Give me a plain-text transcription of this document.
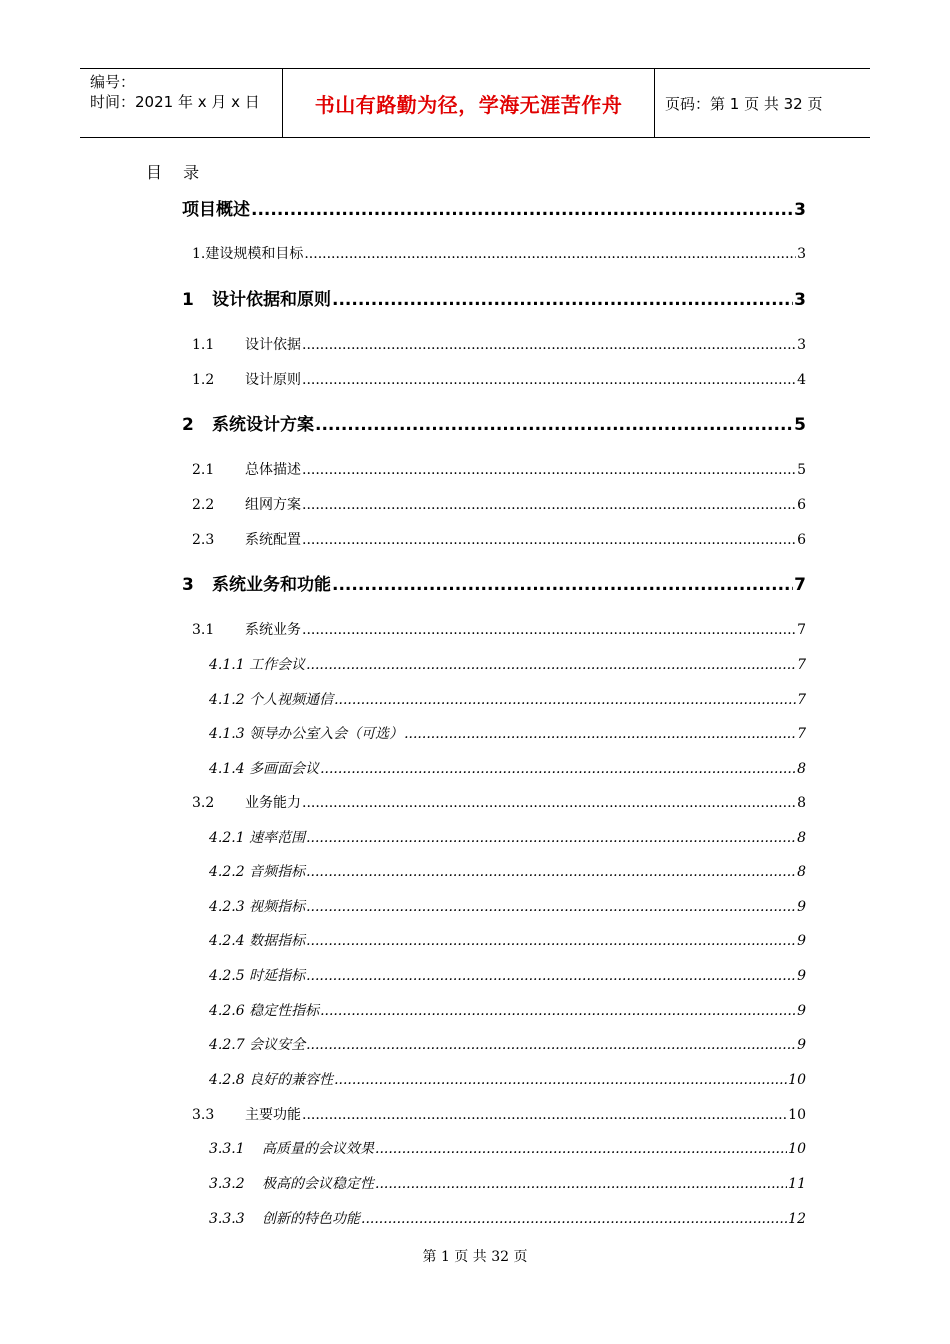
编号：
时间：2021 年 x 月 x 日	书山有路勤为径，学海无涯苦作舟	页码：第 1 页 共 32 页
目 录
项目概述 .....	3
1.建设规模和目标 .....	3
1	设计依据和原则 .....	3
1.1	设计依据 .....	3
1.2	设计原则 .....	4
2	系统设计方案 .....	5
2.1	总体描述 .....	5
2.2	组网方案 .....	6
2.3	系统配置 .....	6
3	系统业务和功能 .....	7
3.1	系统业务 .....	7
4.1.1 工作会议 .....	7
4.1.2 个人视频通信 .....	7
4.1.3 领导办公室入会（可选） .....	7
4.1.4 多画面会议 .....	8
3.2	业务能力 .....	8
4.2.1 速率范围 .....	8
4.2.2 音频指标 .....	8
4.2.3 视频指标 .....	9
4.2.4 数据指标 .....	9
4.2.5 时延指标 .....	9
4.2.6 稳定性指标 .....	9
4.2.7 会议安全 .....	9
4.2.8 良好的兼容性 .....	10
3.3	主要功能 .....	10
3.3.1	高质量的会议效果 .....	10
3.3.2	极高的会议稳定性 .....	11
3.3.3	创新的特色功能 .....	12
第 1 页 共 32 页
